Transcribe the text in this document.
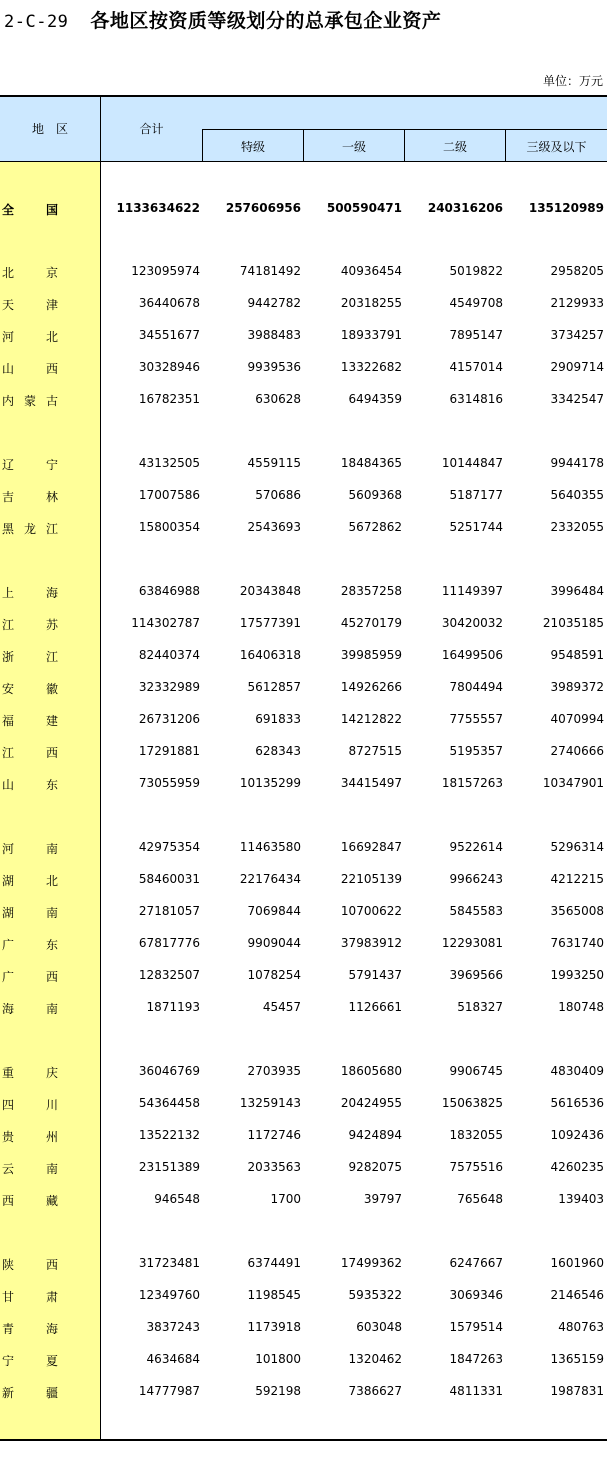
2-C-29 各地区按资质等级划分的总承包企业资产
单位：万元
地　区	合计
特级	一级	二级	三级及以下
全	国	1133634622 257606956 500590471 240316206 135120989
北	京	123095974	74181492	40936454	5019822	2958205
天	津	36440678	9442782	20318255	4549708	2129933
河	北	34551677	3988483	18933791	7895147	3734257
山	西	30328946	9939536	13322682	4157014	2909714
内 蒙 古	16782351	630628	6494359	6314816	3342547
辽	宁	43132505	4559115	18484365	10144847	9944178
吉	林	17007586	570686	5609368	5187177	5640355
黑 龙 江	15800354	2543693	5672862	5251744	2332055
上	海	63846988	20343848	28357258	11149397	3996484
江	苏	114302787	17577391	45270179	30420032	21035185
浙	江	82440374	16406318	39985959	16499506	9548591
安	徽	32332989	5612857	14926266	7804494	3989372
福	建	26731206	691833	14212822	7755557	4070994
江	西	17291881	628343	8727515	5195357	2740666
山	东	73055959	10135299	34415497	18157263	10347901
河	南	42975354	11463580	16692847	9522614	5296314
湖	北	58460031	22176434	22105139	9966243	4212215
湖	南	27181057	7069844	10700622	5845583	3565008
广	东	67817776	9909044	37983912	12293081	7631740
广	西	12832507	1078254	5791437	3969566	1993250
海	南	1871193	45457	1126661	518327	180748
重	庆	36046769	2703935	18605680	9906745	4830409
四	川	54364458	13259143	20424955	15063825	5616536
贵	州	13522132	1172746	9424894	1832055	1092436
云	南	23151389	2033563	9282075	7575516	4260235
西	藏	946548	1700	39797	765648	139403
陕	西	31723481	6374491	17499362	6247667	1601960
甘	肃	12349760	1198545	5935322	3069346	2146546
青	海	3837243	1173918	603048	1579514	480763
宁	夏	4634684	101800	1320462	1847263	1365159
新	疆	14777987	592198	7386627	4811331	1987831
